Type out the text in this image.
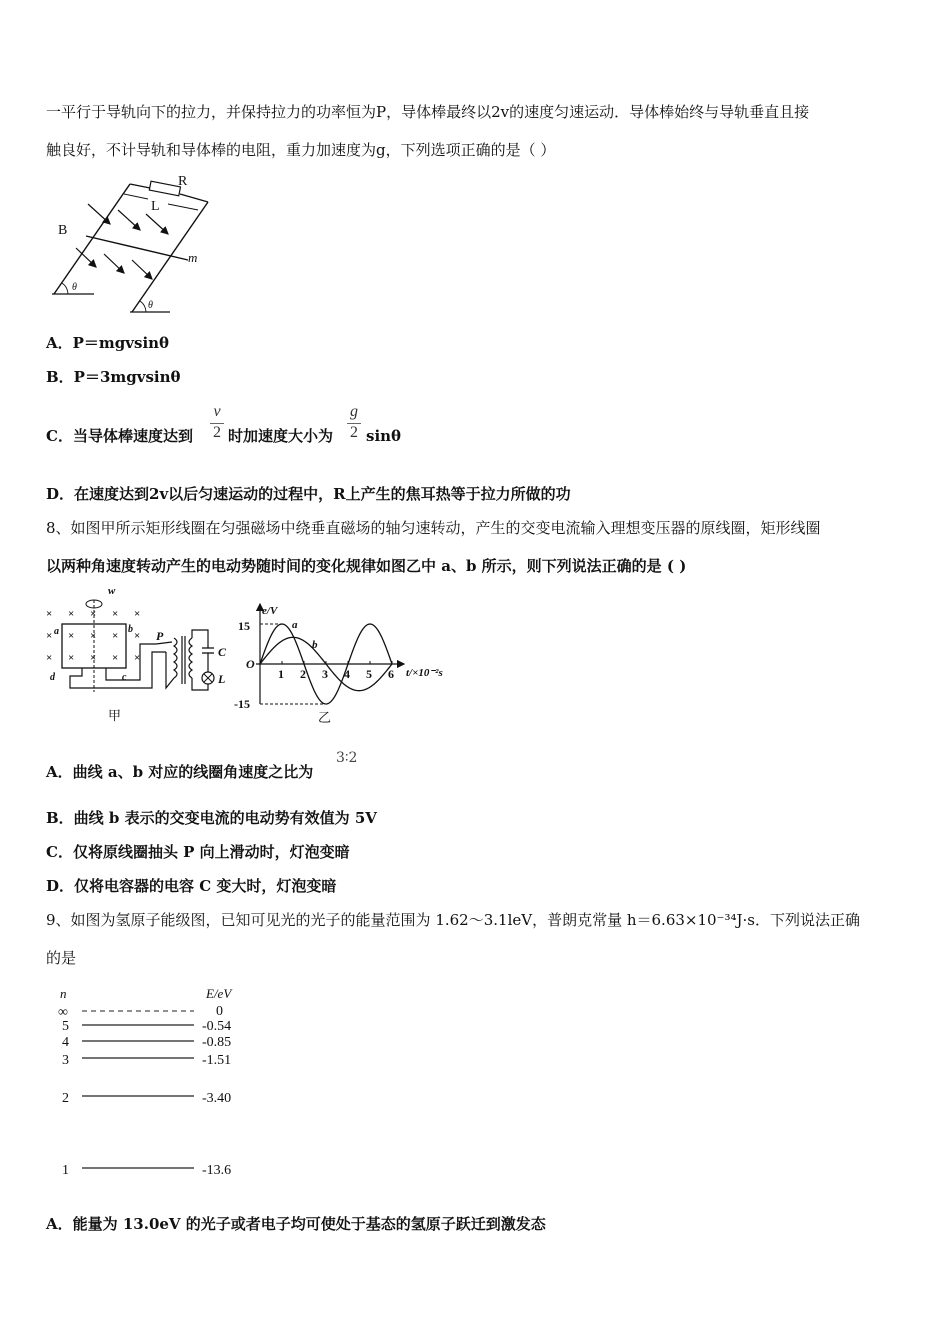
一平行于导轨向下的拉力，并保持拉力的功率恒为P，导体棒最终以2v的速度匀速运动．导体棒始终与导轨垂直且接
触良好，不计导轨和导体棒的电阻，重力加速度为g，下列选项正确的是（ ）
R
L
B
m
θ
θ
A．P＝mgvsinθ
B．P＝3mgvsinθ
C．当导体棒速度达到 $\frac{v}{2}$ 时加速度大小为 $\frac{g}{2}$ sinθ
D．在速度达到2v以后匀速运动的过程中，R上产生的焦耳热等于拉力所做的功
8、如图甲所示矩形线圈在匀强磁场中绕垂直磁场的轴匀速转动，产生的交变电流输入理想变压器的原线圈，矩形线圈
以两种角速度转动产生的电动势随时间的变化规律如图乙中 a、b 所示，则下列说法正确的是 ( )
× × × × ×
× × × × ×
× × × × ×
w
a	b
c
d
P
C
L
甲
1 2 3 4 5 6
e/V
15
-15
O
t/×10⁻²s
a
b
乙
A．曲线 a、b 对应的线圈角速度之比为
3∶2
B．曲线 b 表示的交变电流的电动势有效值为 5V
C．仅将原线圈抽头 P 向上滑动时，灯泡变暗
D．仅将电容器的电容 C 变大时，灯泡变暗
9、如图为氢原子能级图，已知可见光的光子的能量范围为 1.62～3.1leV，普朗克常量 h＝6.63×10⁻³⁴J·s．下列说法正确
的是
n	E/eV
∞	0
5	-0.54
4	-0.85
3	-1.51
2	-3.40
1	-13.6
A．能量为 13.0eV 的光子或者电子均可使处于基态的氢原子跃迁到激发态
